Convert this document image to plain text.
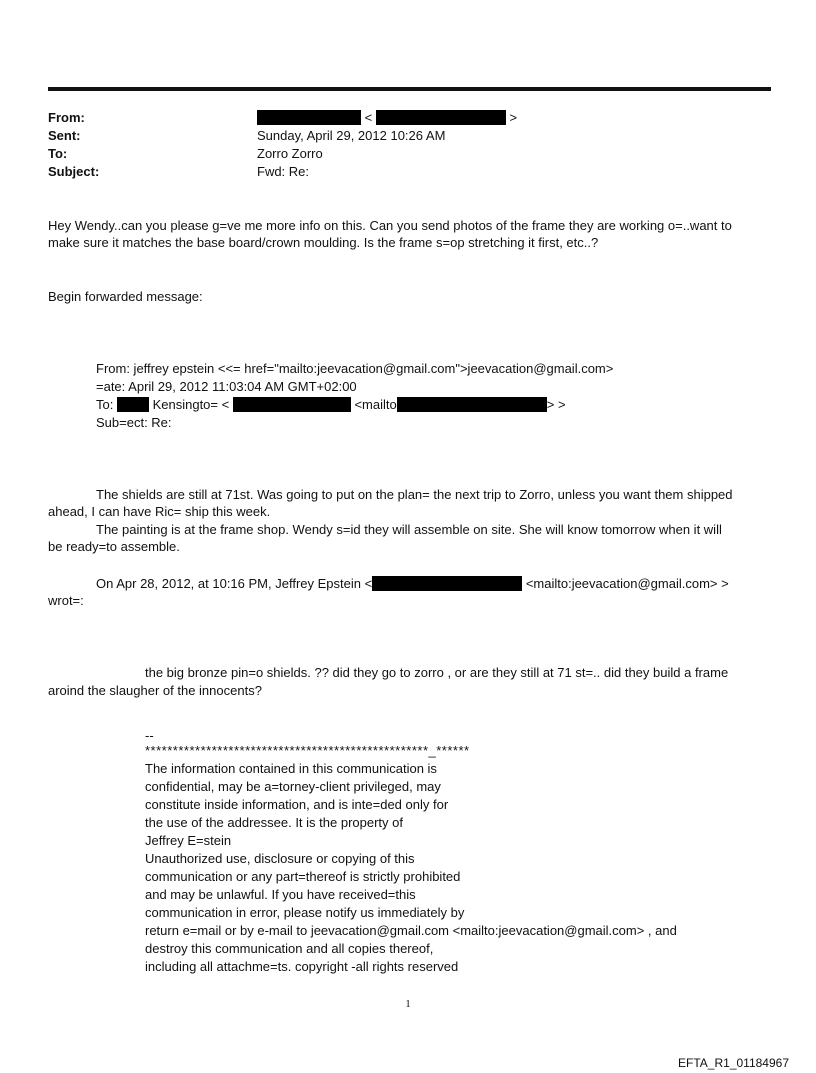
From:	<	>
Sent:	Sunday, April 29, 2012 10:26 AM
To:	Zorro Zorro
Subject:	Fwd: Re:
Hey Wendy..can you please g=ve me more info on this. Can you send photos of the frame they are working o=..want to
make sure it matches the base board/crown moulding. Is the frame s=op stretching it first, etc..?
Begin forwarded message:
From: jeffrey epstein <<= href="mailto:jeevacation@gmail.com">jeevacation@gmail.com>
=ate: April 29, 2012 11:03:04 AM GMT+02:00
To:	Kensingto= <	<mailto	> >
Sub=ect: Re:
The shields are still at 71st. Was going to put on the plan= the next trip to Zorro, unless you want them shipped
ahead, I can have Ric= ship this week.
The painting is at the frame shop. Wendy s=id they will assemble on site. She will know tomorrow when it will
be ready=to assemble.
On Apr 28, 2012, at 10:16 PM, Jeffrey Epstein <	<mailto:jeevacation@gmail.com> >
wrot=:
the big bronze pin=o shields. ?? did they go to zorro , or are they still at 71 st=.. did they build a frame
aroind the slaugher of the innocents?
--
***************************************************_******
The information contained in this communication is
confidential, may be a=torney-client privileged, may
constitute inside information, and is inte=ded only for
the use of the addressee. It is the property of
Jeffrey E=stein
Unauthorized use, disclosure or copying of this
communication or any part=thereof is strictly prohibited
and may be unlawful. If you have received=this
communication in error, please notify us immediately by
return e=mail or by e-mail to jeevacation@gmail.com <mailto:jeevacation@gmail.com> , and
destroy this communication and all copies thereof,
including all attachme=ts. copyright -all rights reserved
1
EFTA_R1_01184967
